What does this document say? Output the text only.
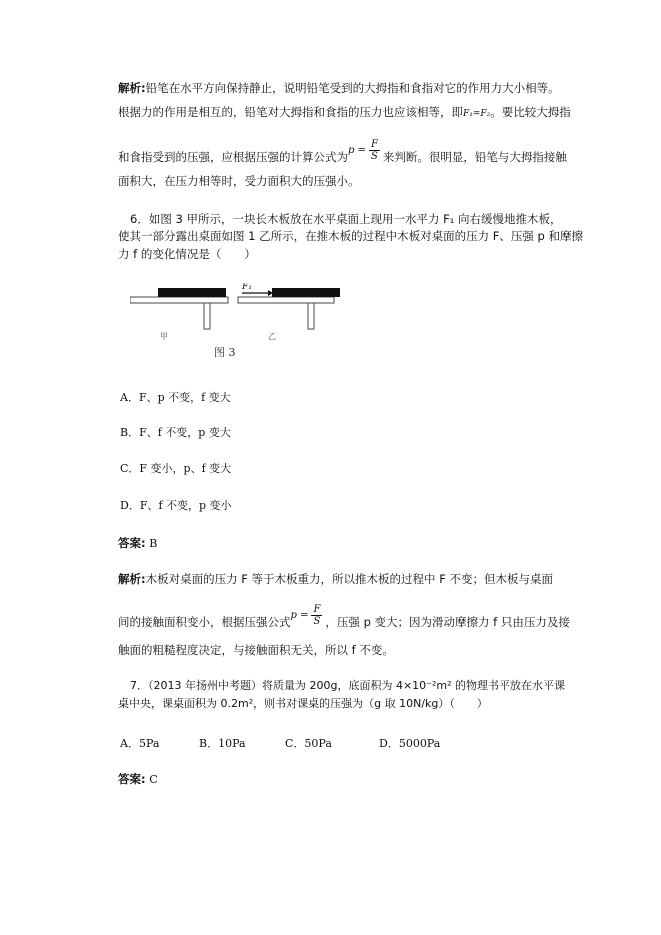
解析:铅笔在水平方向保持静止，说明铅笔受到的大拇指和食指对它的作用力大小相等。
根据力的作用是相互的，铅笔对大拇指和食指的压力也应该相等，即F₁=F₂。要比较大拇指
和食指受到的压强，应根据压强的计算公式为$p = \frac{F}{S}$ 来判断。很明显，铅笔与大拇指接触
面积大，在压力相等时，受力面积大的压强小。
6．如图 3 甲所示，一块长木板放在水平桌面上现用一水平力 F₁ 向右缓慢地推木板，
使其一部分露出桌面如图 1 乙所示，在推木板的过程中木板对桌面的压力 F、压强 p 和摩擦
力 f 的变化情况是（　　）
F₁
甲	乙
图 3
A．F、p 不变，f 变大
B．F、f 不变，p 变大
C．F 变小，p、f 变大
D．F、f 不变，p 变小
答案: B
解析:木板对桌面的压力 F 等于木板重力，所以推木板的过程中 F 不变；但木板与桌面
间的接触面积变小，根据压强公式$p = \frac{F}{S}$ ，压强 p 变大；因为滑动摩擦力 f 只由压力及接
触面的粗糙程度决定，与接触面积无关，所以 f 不变。
7．（2013 年扬州中考题）将质量为 200g，底面积为 4×10⁻²m² 的物理书平放在水平课
桌中央，课桌面积为 0.2m²，则书对课桌的压强为（g 取 10N/kg）（　　）
A．5Pa	B．10Pa	C．50Pa	D．5000Pa
答案: C
